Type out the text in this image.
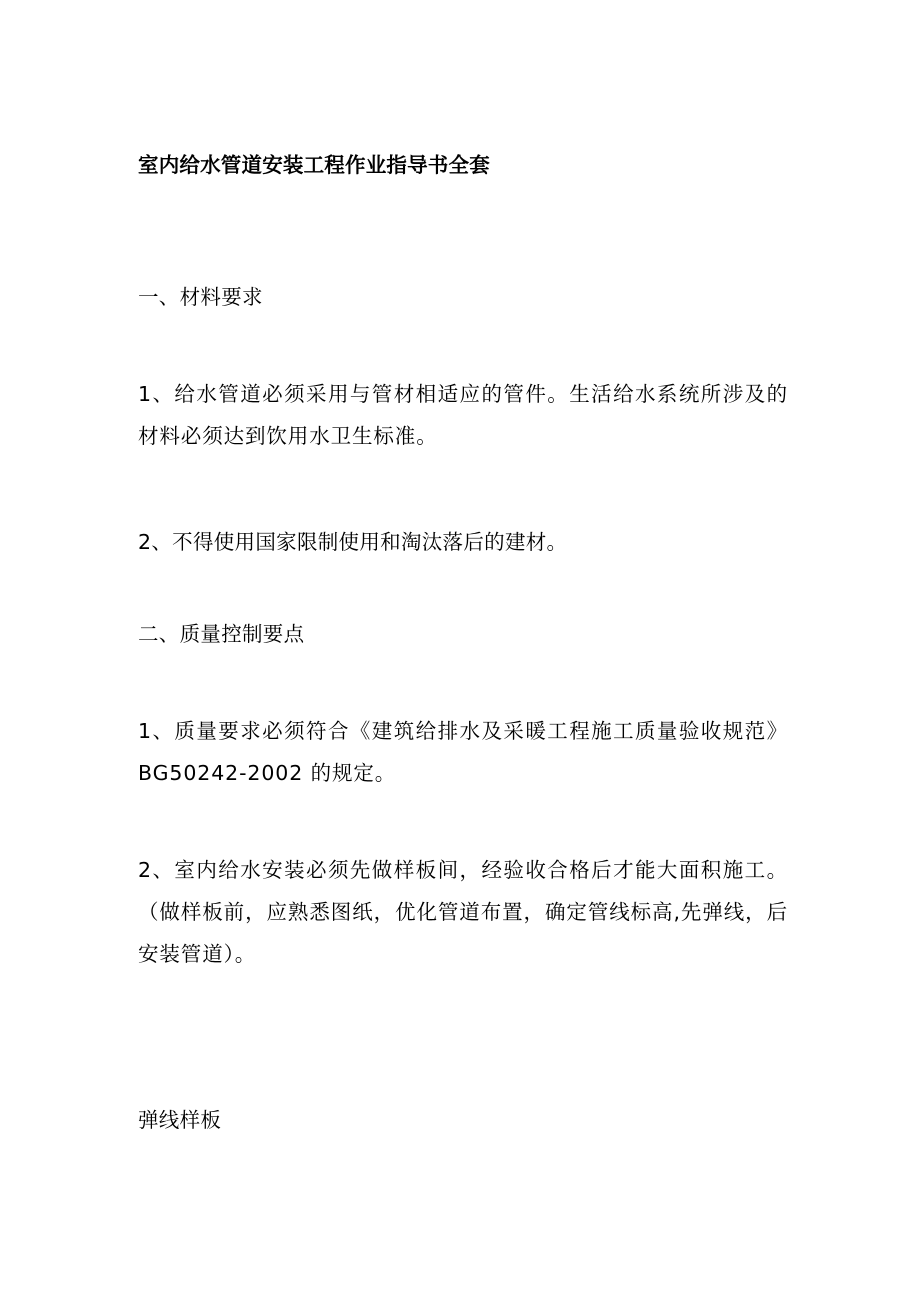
室内给水管道安装工程作业指导书全套
一、材料要求

1、给水管道必须采用与管材相适应的管件。生活给水系统所涉及的材料必须达到饮用水卫生标准。

2、不得使用国家限制使用和淘汰落后的建材。

二、质量控制要点

1、质量要求必须符合《建筑给排水及采暖工程施工质量验收规范》BG50242-2002 的规定。

2、室内给水安装必须先做样板间，经验收合格后才能大面积施工。（做样板前，应熟悉图纸，优化管道布置，确定管线标高,先弹线，后安装管道）。

弹线样板
